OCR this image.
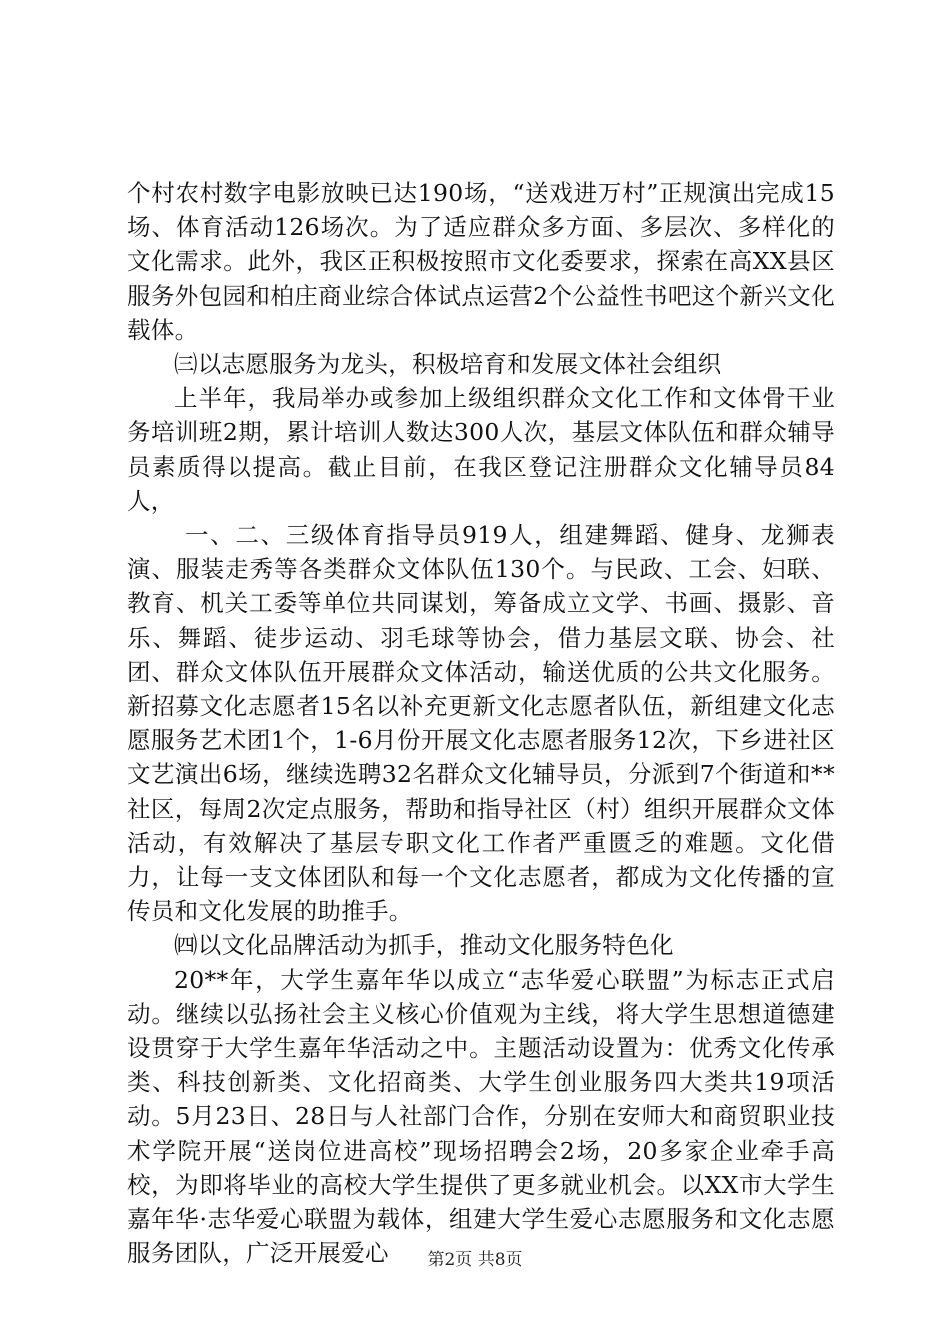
个村农村数字电影放映已达190场，“送戏进万村”正规演出完成15场、体育活动126场次。为了适应群众多方面、多层次、多样化的文化需求。此外，我区正积极按照市文化委要求，探索在高XX县区服务外包园和柏庄商业综合体试点运营2个公益性书吧这个新兴文化载体。

㈢以志愿服务为龙头，积极培育和发展文体社会组织

上半年，我局举办或参加上级组织群众文化工作和文体骨干业务培训班2期，累计培训人数达300人次，基层文体队伍和群众辅导员素质得以提高。截止目前，在我区登记注册群众文化辅导员84人，

一、二、三级体育指导员919人，组建舞蹈、健身、龙狮表演、服装走秀等各类群众文体队伍130个。与民政、工会、妇联、教育、机关工委等单位共同谋划，筹备成立文学、书画、摄影、音乐、舞蹈、徒步运动、羽毛球等协会，借力基层文联、协会、社团、群众文体队伍开展群众文体活动，输送优质的公共文化服务。新招募文化志愿者15名以补充更新文化志愿者队伍，新组建文化志愿服务艺术团1个，1-6月份开展文化志愿者服务12次，下乡进社区文艺演出6场，继续选聘32名群众文化辅导员，分派到7个街道和**社区，每周2次定点服务，帮助和指导社区（村）组织开展群众文体活动，有效解决了基层专职文化工作者严重匮乏的难题。文化借力，让每一支文体团队和每一个文化志愿者，都成为文化传播的宣传员和文化发展的助推手。

㈣以文化品牌活动为抓手，推动文化服务特色化

20**年，大学生嘉年华以成立“志华爱心联盟”为标志正式启动。继续以弘扬社会主义核心价值观为主线，将大学生思想道德建设贯穿于大学生嘉年华活动之中。主题活动设置为：优秀文化传承类、科技创新类、文化招商类、大学生创业服务四大类共19项活动。5月23日、28日与人社部门合作，分别在安师大和商贸职业技术学院开展“送岗位进高校”现场招聘会2场，20多家企业牵手高校，为即将毕业的高校大学生提供了更多就业机会。以XX市大学生嘉年华·志华爱心联盟为载体，组建大学生爱心志愿服务和文化志愿服务团队，广泛开展爱心	第2页 共8页
